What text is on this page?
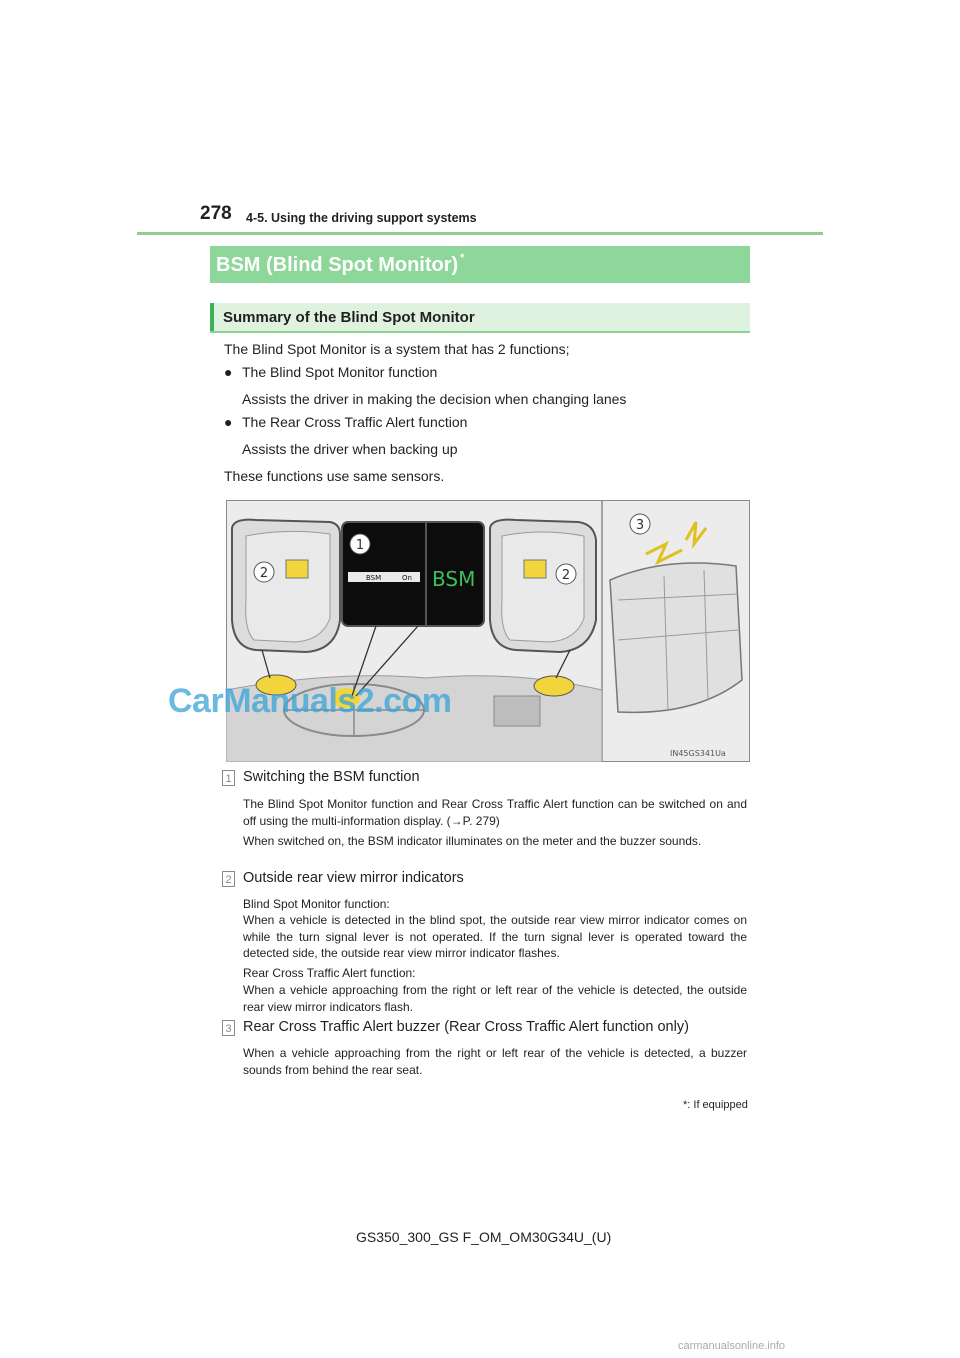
278 4-5. Using the driving support systems
BSM (Blind Spot Monitor) *
Summary of the Blind Spot Monitor
The Blind Spot Monitor is a system that has 2 functions;
● The Blind Spot Monitor function
Assists the driver in making the decision when changing lanes
● The Rear Cross Traffic Alert function
Assists the driver when backing up
These functions use same sensors.
BSM	On BSM
1
2	2
3
IN45GS341Ua
CarManuals2.com
1 Switching the BSM function
The Blind Spot Monitor function and Rear Cross Traffic Alert function can be switched on and off using the multi-information display. (→P. 279)
When switched on, the BSM indicator illuminates on the meter and the buzzer sounds.
2 Outside rear view mirror indicators
Blind Spot Monitor function:
When a vehicle is detected in the blind spot, the outside rear view mirror indicator comes on while the turn signal lever is not operated. If the turn signal lever is operated toward the detected side, the outside rear view mirror indicator flashes.
Rear Cross Traffic Alert function:
When a vehicle approaching from the right or left rear of the vehicle is detected, the outside rear view mirror indicators flash.
3 Rear Cross Traffic Alert buzzer (Rear Cross Traffic Alert function only)
When a vehicle approaching from the right or left rear of the vehicle is detected, a buzzer sounds from behind the rear seat.
*: If equipped
GS350_300_GS F_OM_OM30G34U_(U)
carmanualsonline.info
